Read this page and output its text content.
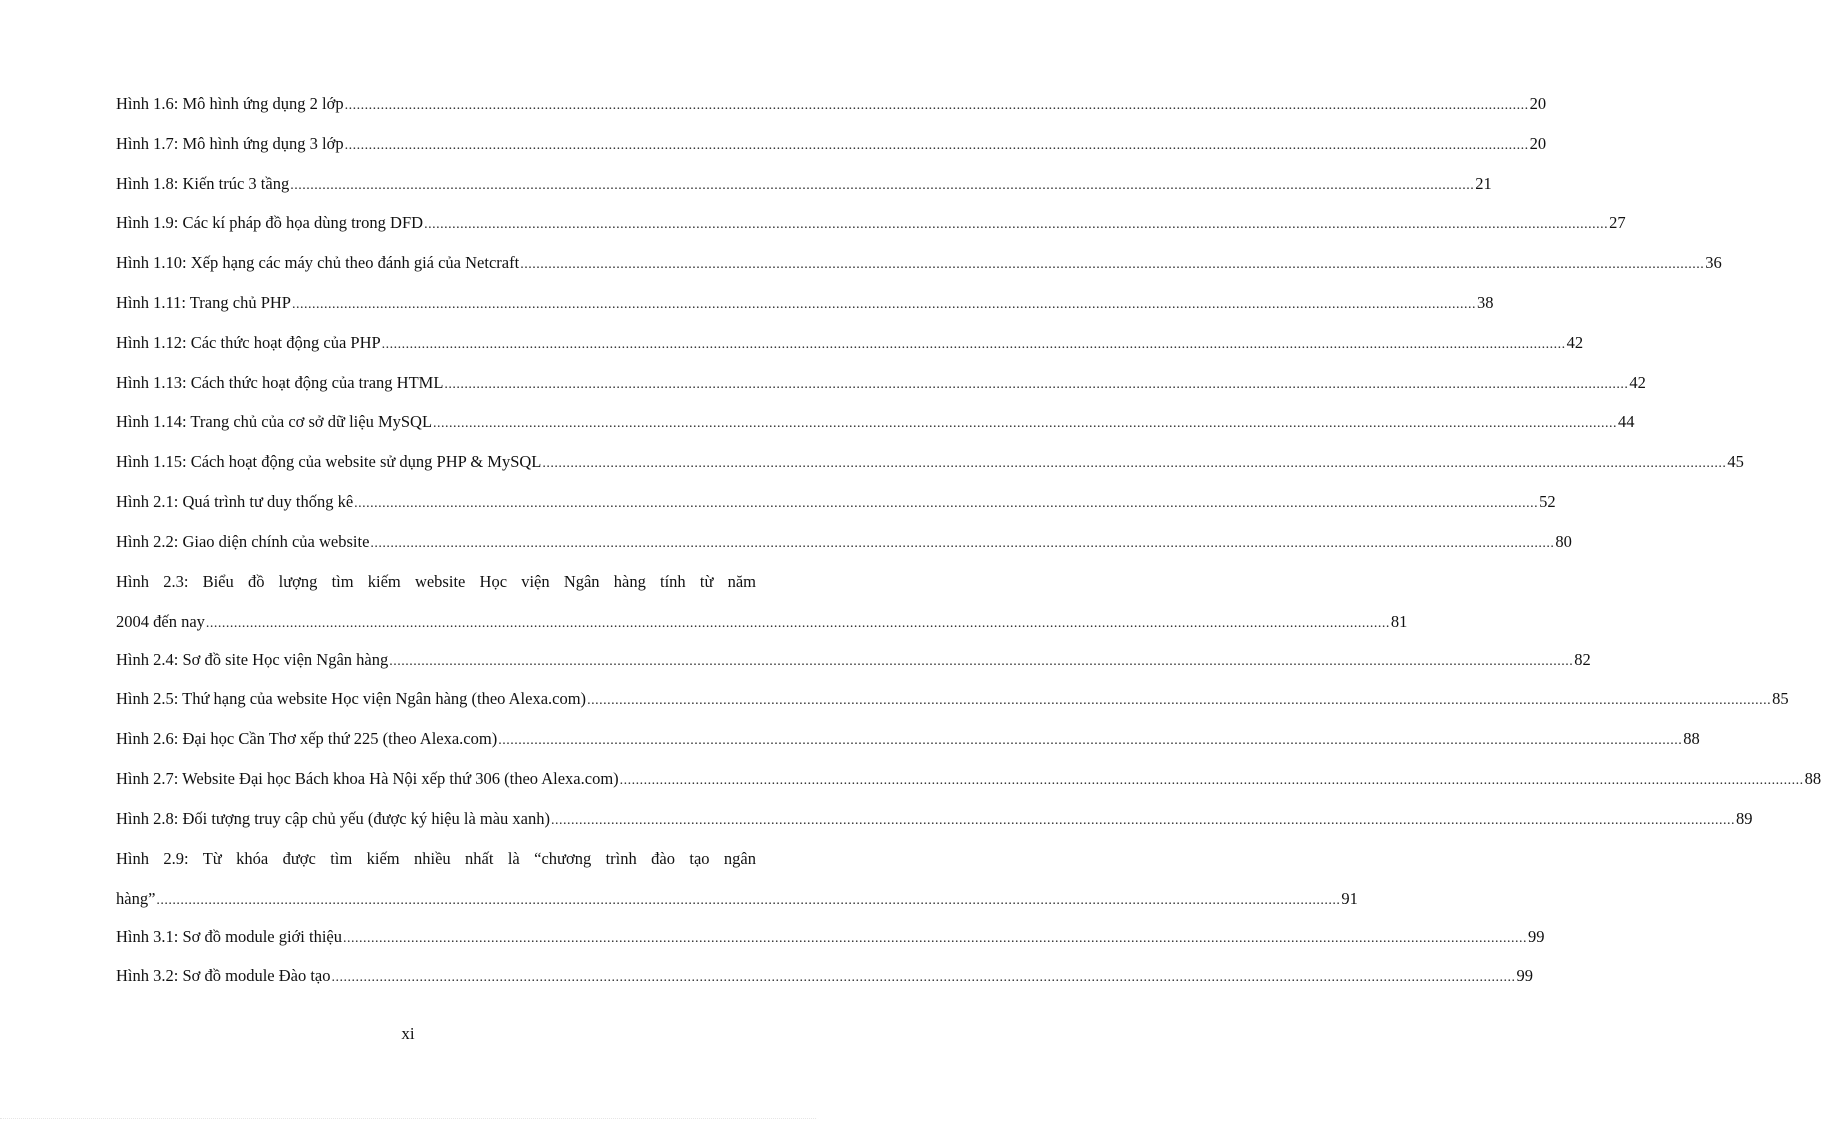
Hình 1.6: Mô hình ứng dụng 2 lớp .....	20
Hình 1.7: Mô hình ứng dụng 3 lớp .....	20
Hình 1.8: Kiến trúc 3 tầng .....	21
Hình 1.9: Các kí pháp đồ họa dùng trong DFD .....	27
Hình 1.10: Xếp hạng các máy chủ theo đánh giá của Netcraft .....	36
Hình 1.11: Trang chủ PHP .....	38
Hình 1.12: Các thức hoạt động của PHP .....	42
Hình 1.13: Cách thức hoạt động của trang HTML .....	42
Hình 1.14: Trang chủ của cơ sở dữ liệu MySQL .....	44
Hình 1.15: Cách hoạt động của website sử dụng PHP & MySQL .....	45
Hình 2.1: Quá trình tư duy thống kê .....	52
Hình 2.2: Giao diện chính của website .....	80
Hình 2.3: Biểu đồ lượng tìm kiếm website Học viện Ngân hàng tính từ năm
2004 đến nay .....	81
Hình 2.4: Sơ đồ site Học viện Ngân hàng .....	82
Hình 2.5: Thứ hạng của website Học viện Ngân hàng (theo Alexa.com) .....	85
Hình 2.6: Đại học Cần Thơ xếp thứ 225 (theo Alexa.com) .....	88
Hình 2.7: Website Đại học Bách khoa Hà Nội xếp thứ 306 (theo Alexa.com) .....	88
Hình 2.8: Đối tượng truy cập chủ yếu (được ký hiệu là màu xanh) .....	89
Hình 2.9: Từ khóa được tìm kiếm nhiều nhất là “chương trình đào tạo ngân
hàng” .....	91
Hình 3.1: Sơ đồ module giới thiệu .....	99
Hình 3.2: Sơ đồ module Đào tạo .....	99
xi
